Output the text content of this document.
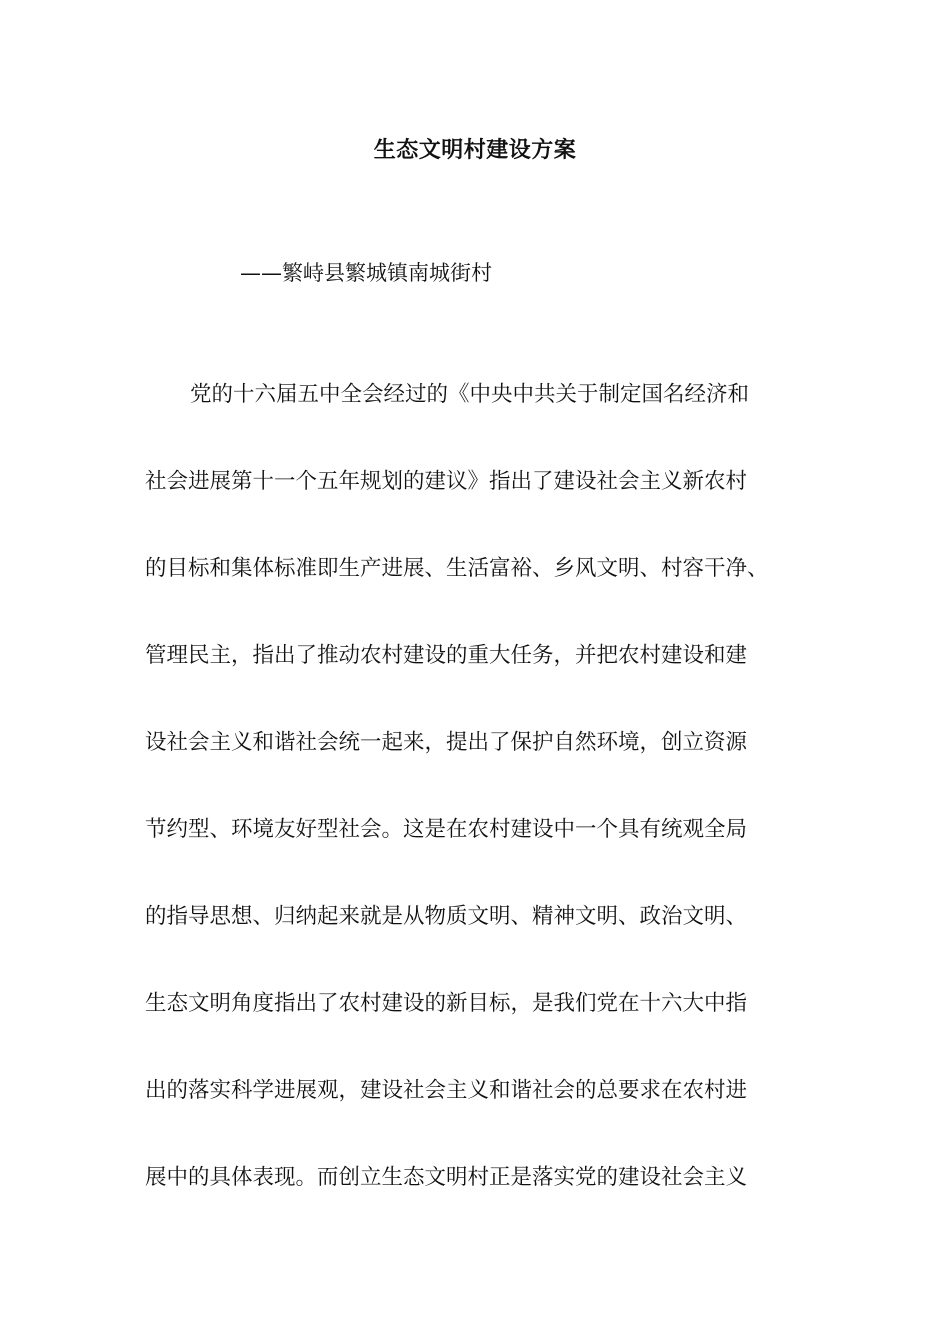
生态文明村建设方案

——繁峙县繁城镇南城街村

党的十六届五中全会经过的《中央中共关于制定国名经济和
社会进展第十一个五年规划的建议》指出了建设社会主义新农村
的目标和集体标准即生产进展、生活富裕、乡风文明、村容干净、
管理民主，指出了推动农村建设的重大任务，并把农村建设和建
设社会主义和谐社会统一起来，提出了保护自然环境，创立资源
节约型、环境友好型社会。这是在农村建设中一个具有统观全局
的指导思想、归纳起来就是从物质文明、精神文明、政治文明、
生态文明角度指出了农村建设的新目标，是我们党在十六大中指
出的落实科学进展观，建设社会主义和谐社会的总要求在农村进
展中的具体表现。而创立生态文明村正是落实党的建设社会主义
